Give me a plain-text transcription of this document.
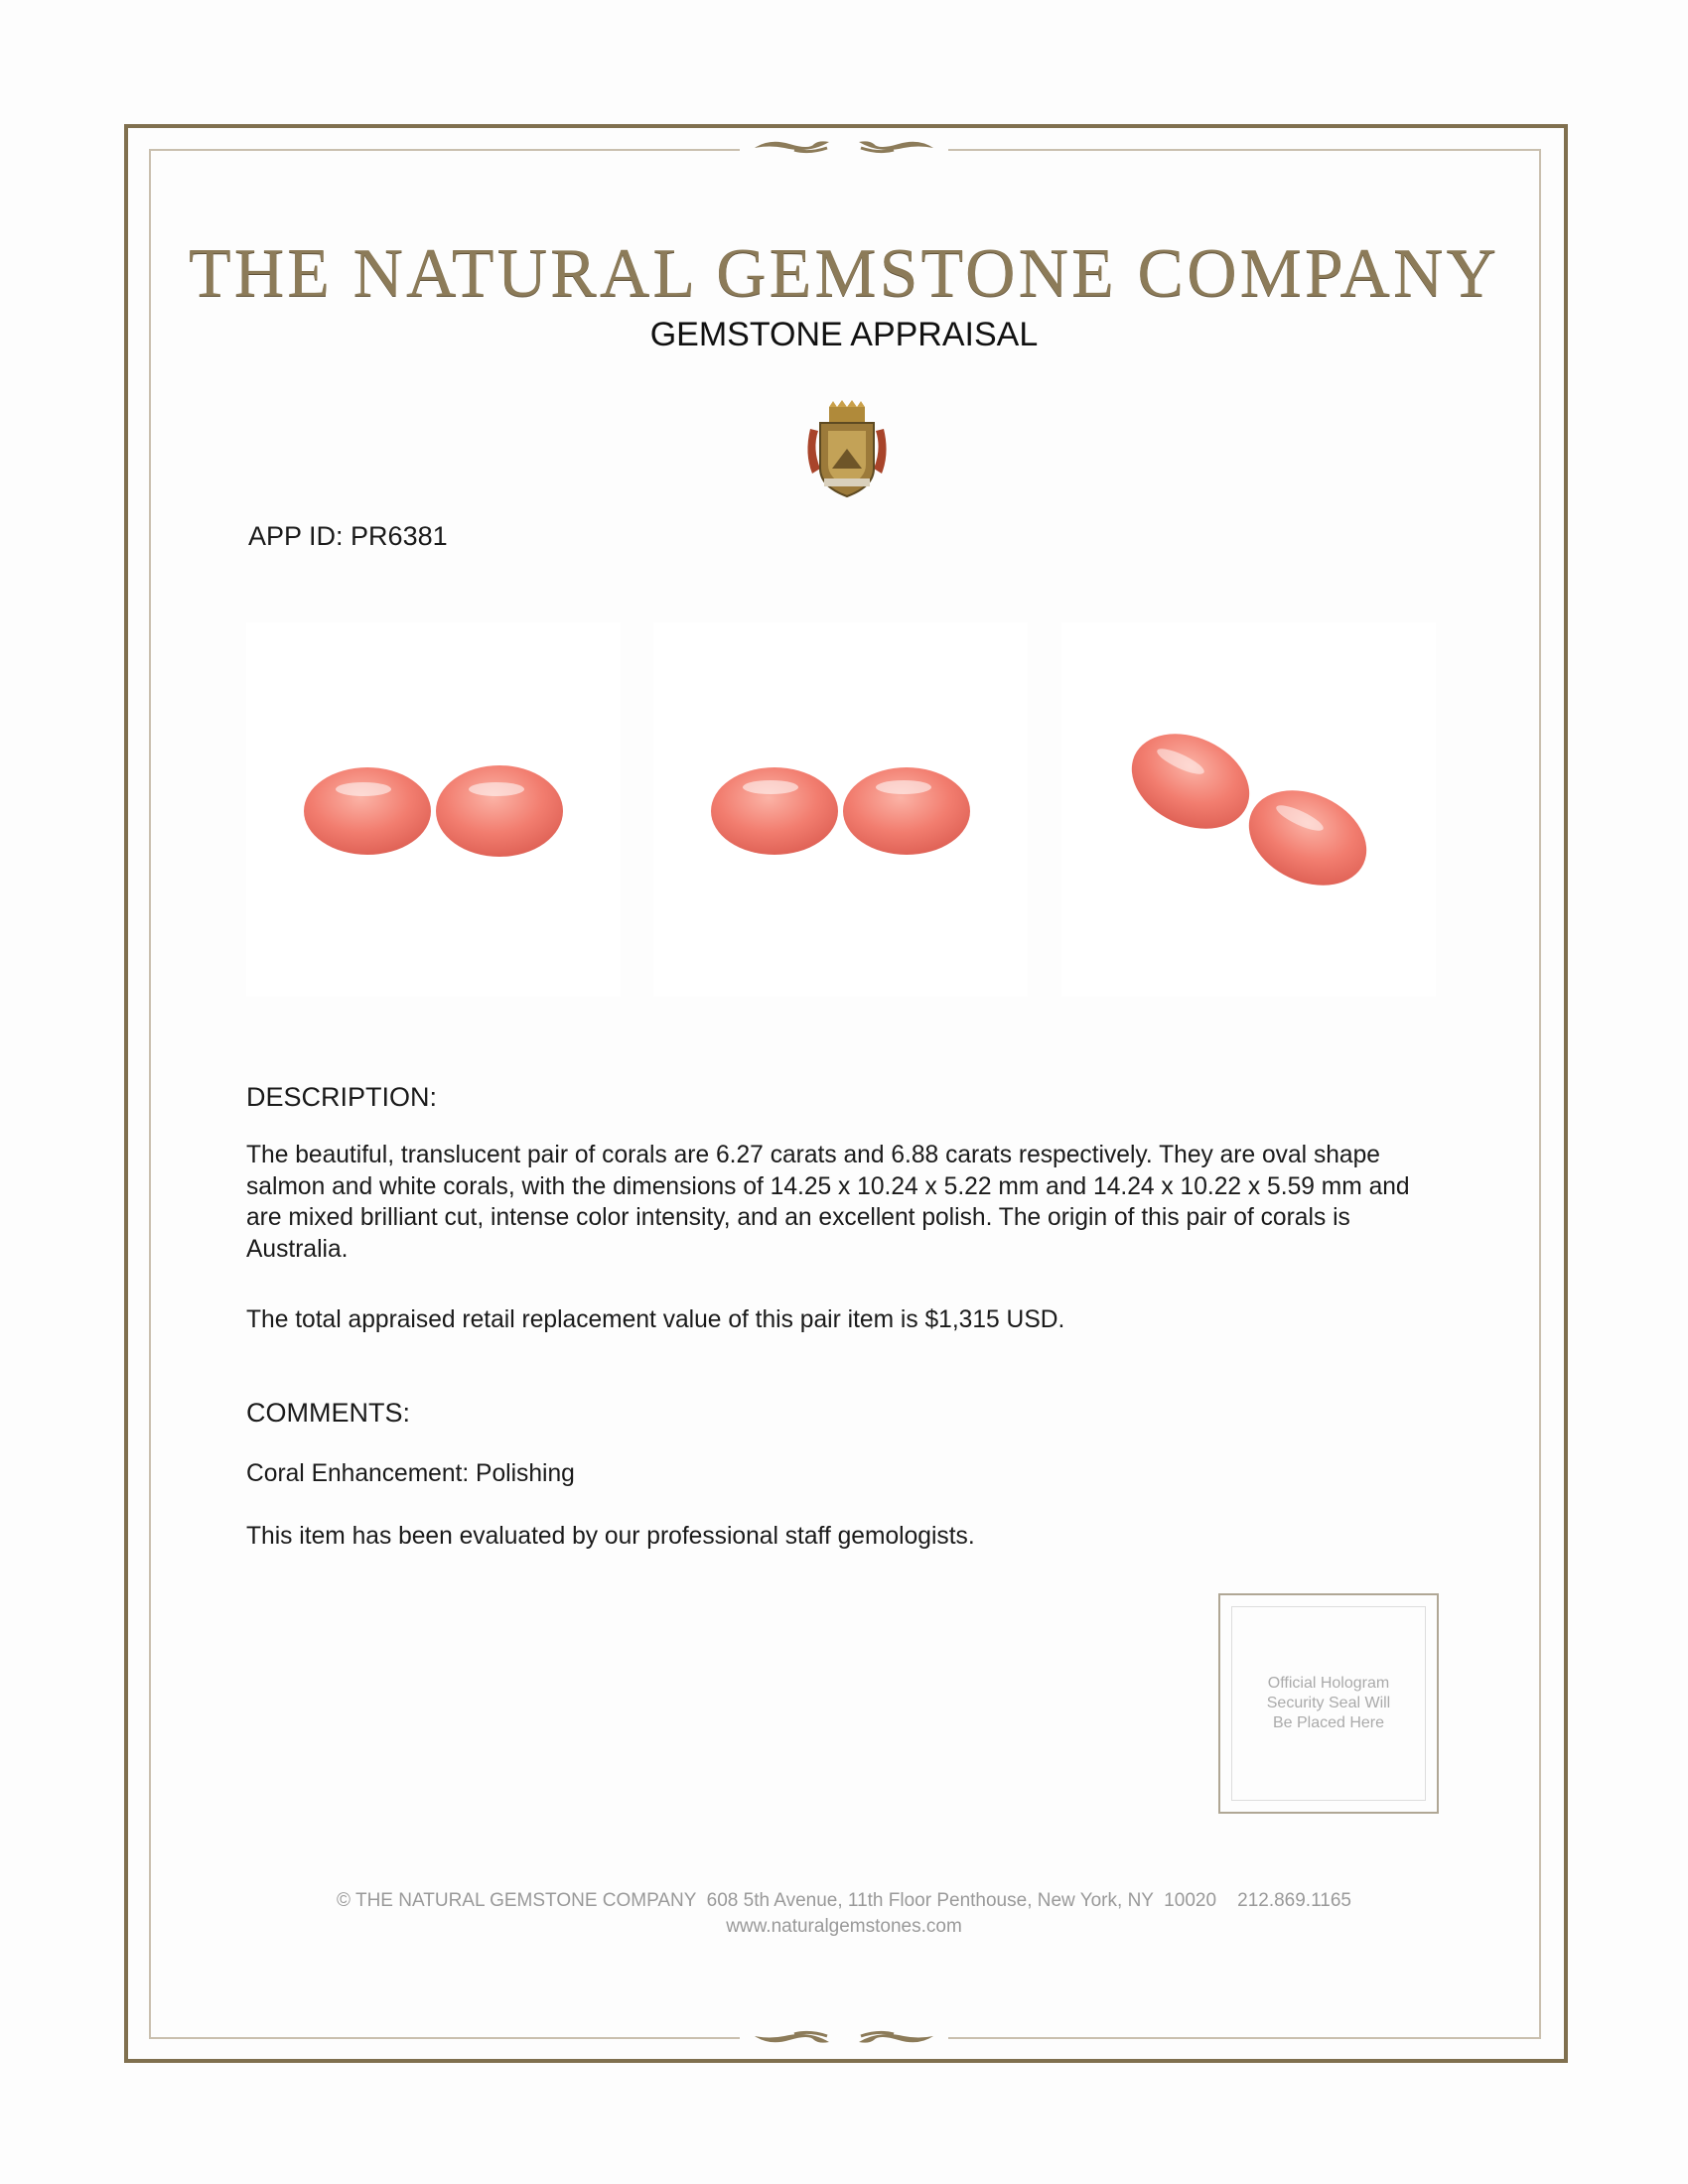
THE NATURAL GEMSTONE COMPANY
GEMSTONE APPRAISAL
APP ID: PR6381
DESCRIPTION:
The beautiful, translucent pair of corals are 6.27 carats and 6.88 carats respectively. They are oval shape salmon and white corals, with the dimensions of 14.25 x 10.24 x 5.22 mm and 14.24 x 10.22 x 5.59 mm and are mixed brilliant cut, intense color intensity, and an excellent polish. The origin of this pair of corals is Australia.
The total appraised retail replacement value of this pair item is $1,315 USD.
COMMENTS:
Coral Enhancement: Polishing
This item has been evaluated by our professional staff gemologists.
Official Hologram
Security Seal Will
Be Placed Here
© THE NATURAL GEMSTONE COMPANY  608 5th Avenue, 11th Floor Penthouse, New York, NY  10020    212.869.1165
www.naturalgemstones.com
